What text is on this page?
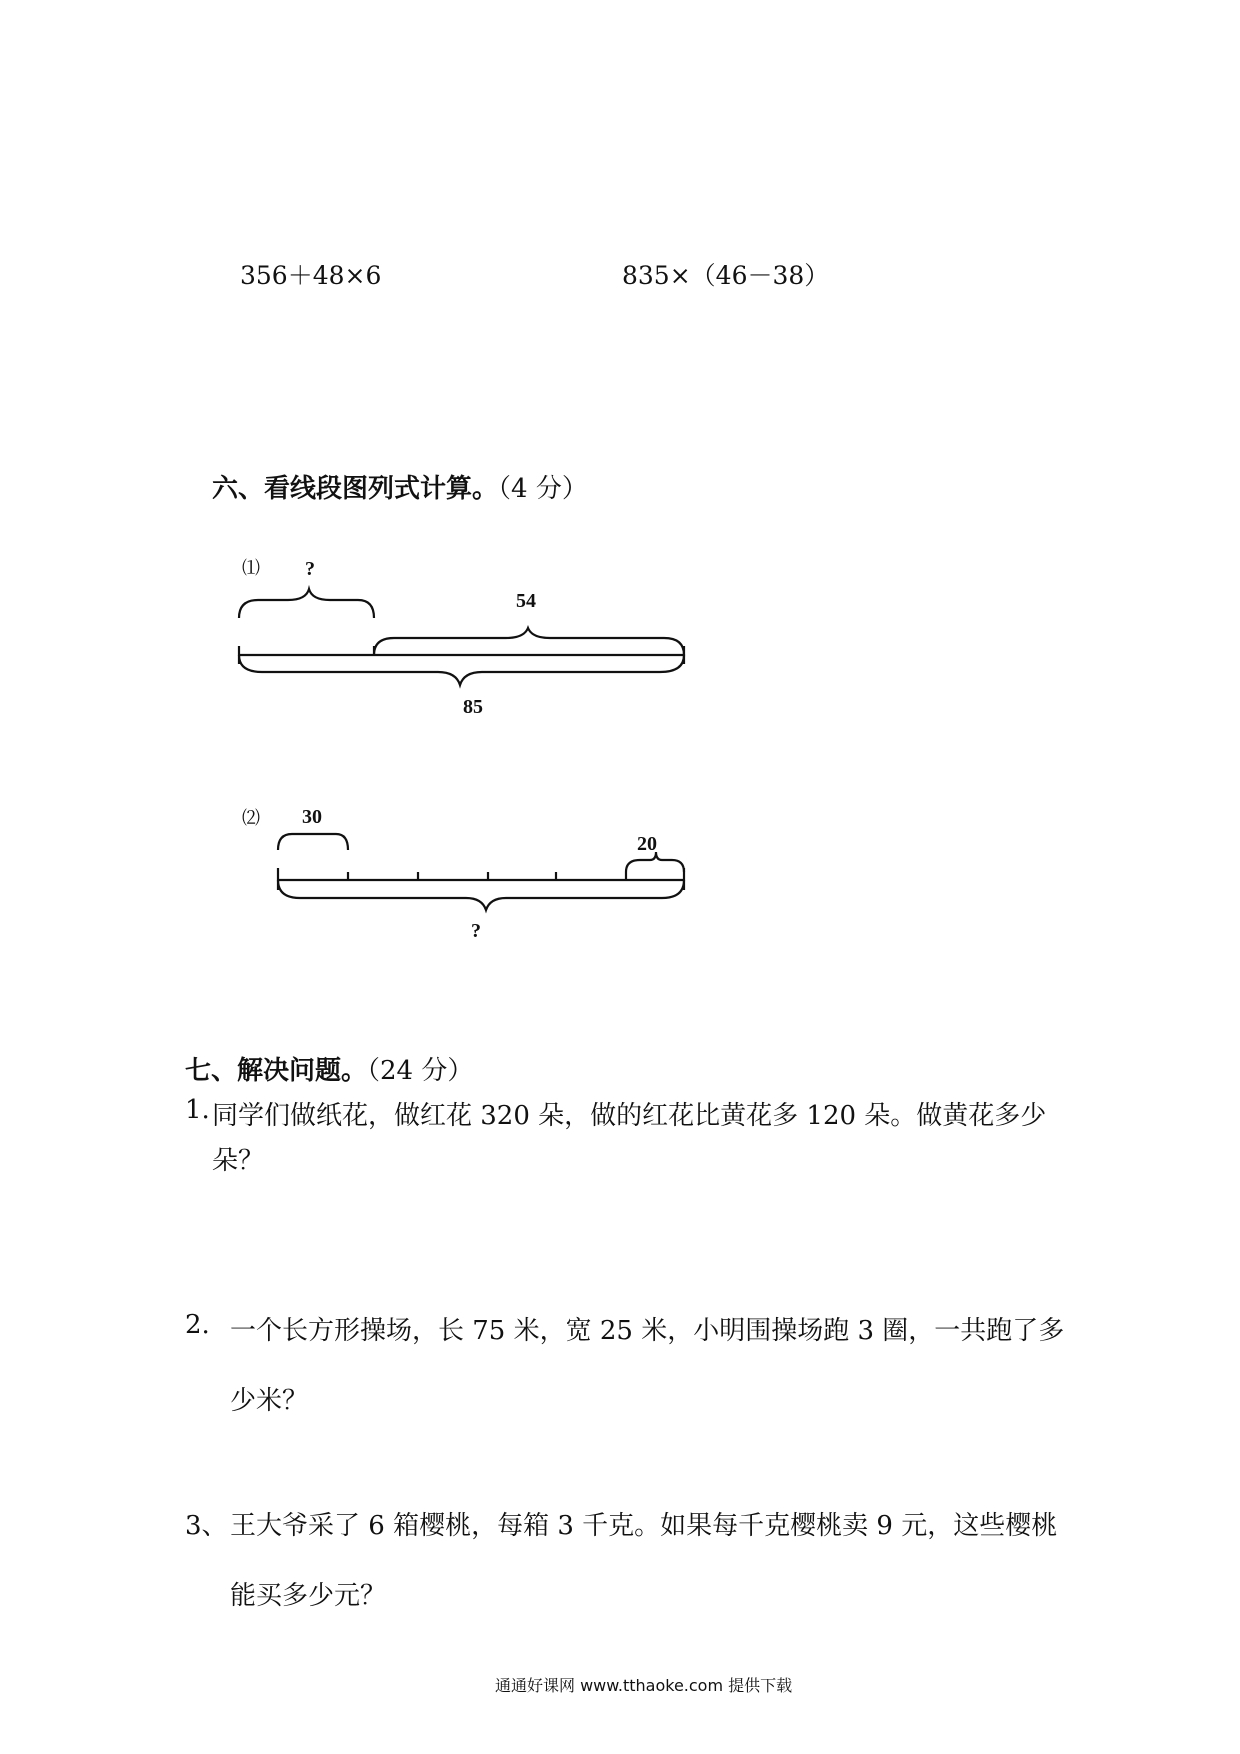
356＋48×6	835×（46－38）
六、看线段图列式计算。（4 分）
⑴ ?
54
85
⑵ 30
20
?
七、解决问题。（24 分）
1. 同学们做纸花，做红花 320 朵，做的红花比黄花多 120 朵。做黄花多少
朵？
2. 一个长方形操场，长 75 米，宽 25 米，小明围操场跑 3 圈，一共跑了多
少米？
3、 王大爷采了 6 箱樱桃，每箱 3 千克。如果每千克樱桃卖 9 元，这些樱桃
能买多少元？
通通好课网 www.tthaoke.com 提供下载
